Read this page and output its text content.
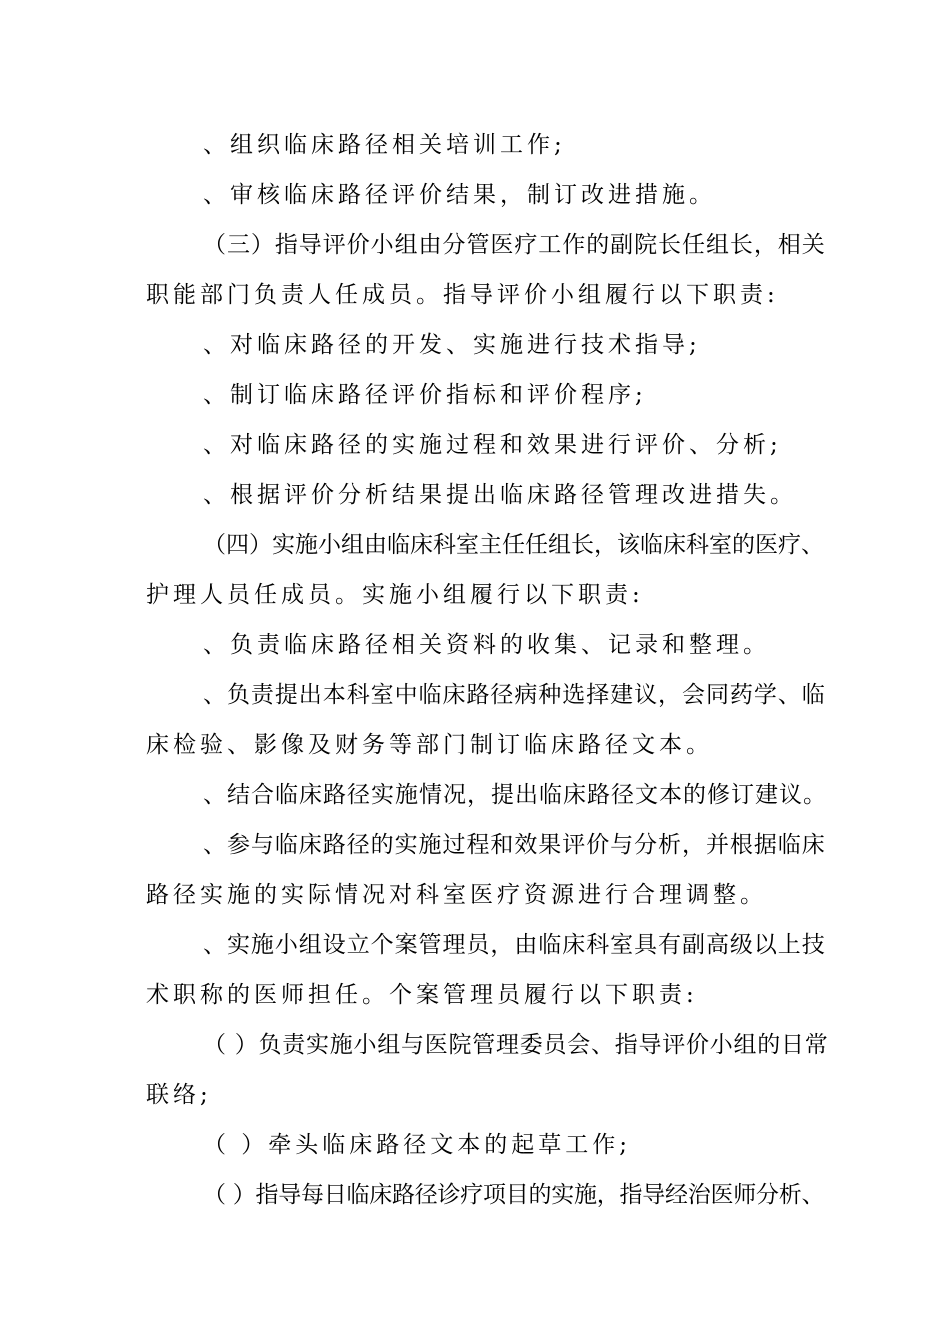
、组织临床路径相关培训工作;
、审核临床路径评价结果，制订改进措施。
（三）指导评价小组由分管医疗工作的副院长任组长，相关
职能部门负责人任成员。指导评价小组履行以下职责:
、对临床路径的开发、实施进行技术指导;
、制订临床路径评价指标和评价程序;
、对临床路径的实施过程和效果进行评价、分析;
、根据评价分析结果提出临床路径管理改进措失。
（四）实施小组由临床科室主任任组长，该临床科室的医疗、
护理人员任成员。实施小组履行以下职责:
、负责临床路径相关资料的收集、记录和整理。
、负责提出本科室中临床路径病种选择建议，会同药学、临
床检验、影像及财务等部门制订临床路径文本。
、结合临床路径实施情况，提出临床路径文本的修订建议。
、参与临床路径的实施过程和效果评价与分析，并根据临床
路径实施的实际情况对科室医疗资源进行合理调整。
、实施小组设立个案管理员，由临床科室具有副高级以上技
术职称的医师担任。个案管理员履行以下职责:
（ ）负责实施小组与医院管理委员会、指导评价小组的日常
联络;
（ ）牵头临床路径文本的起草工作;
（ ）指导每日临床路径诊疗项目的实施，指导经治医师分析、
